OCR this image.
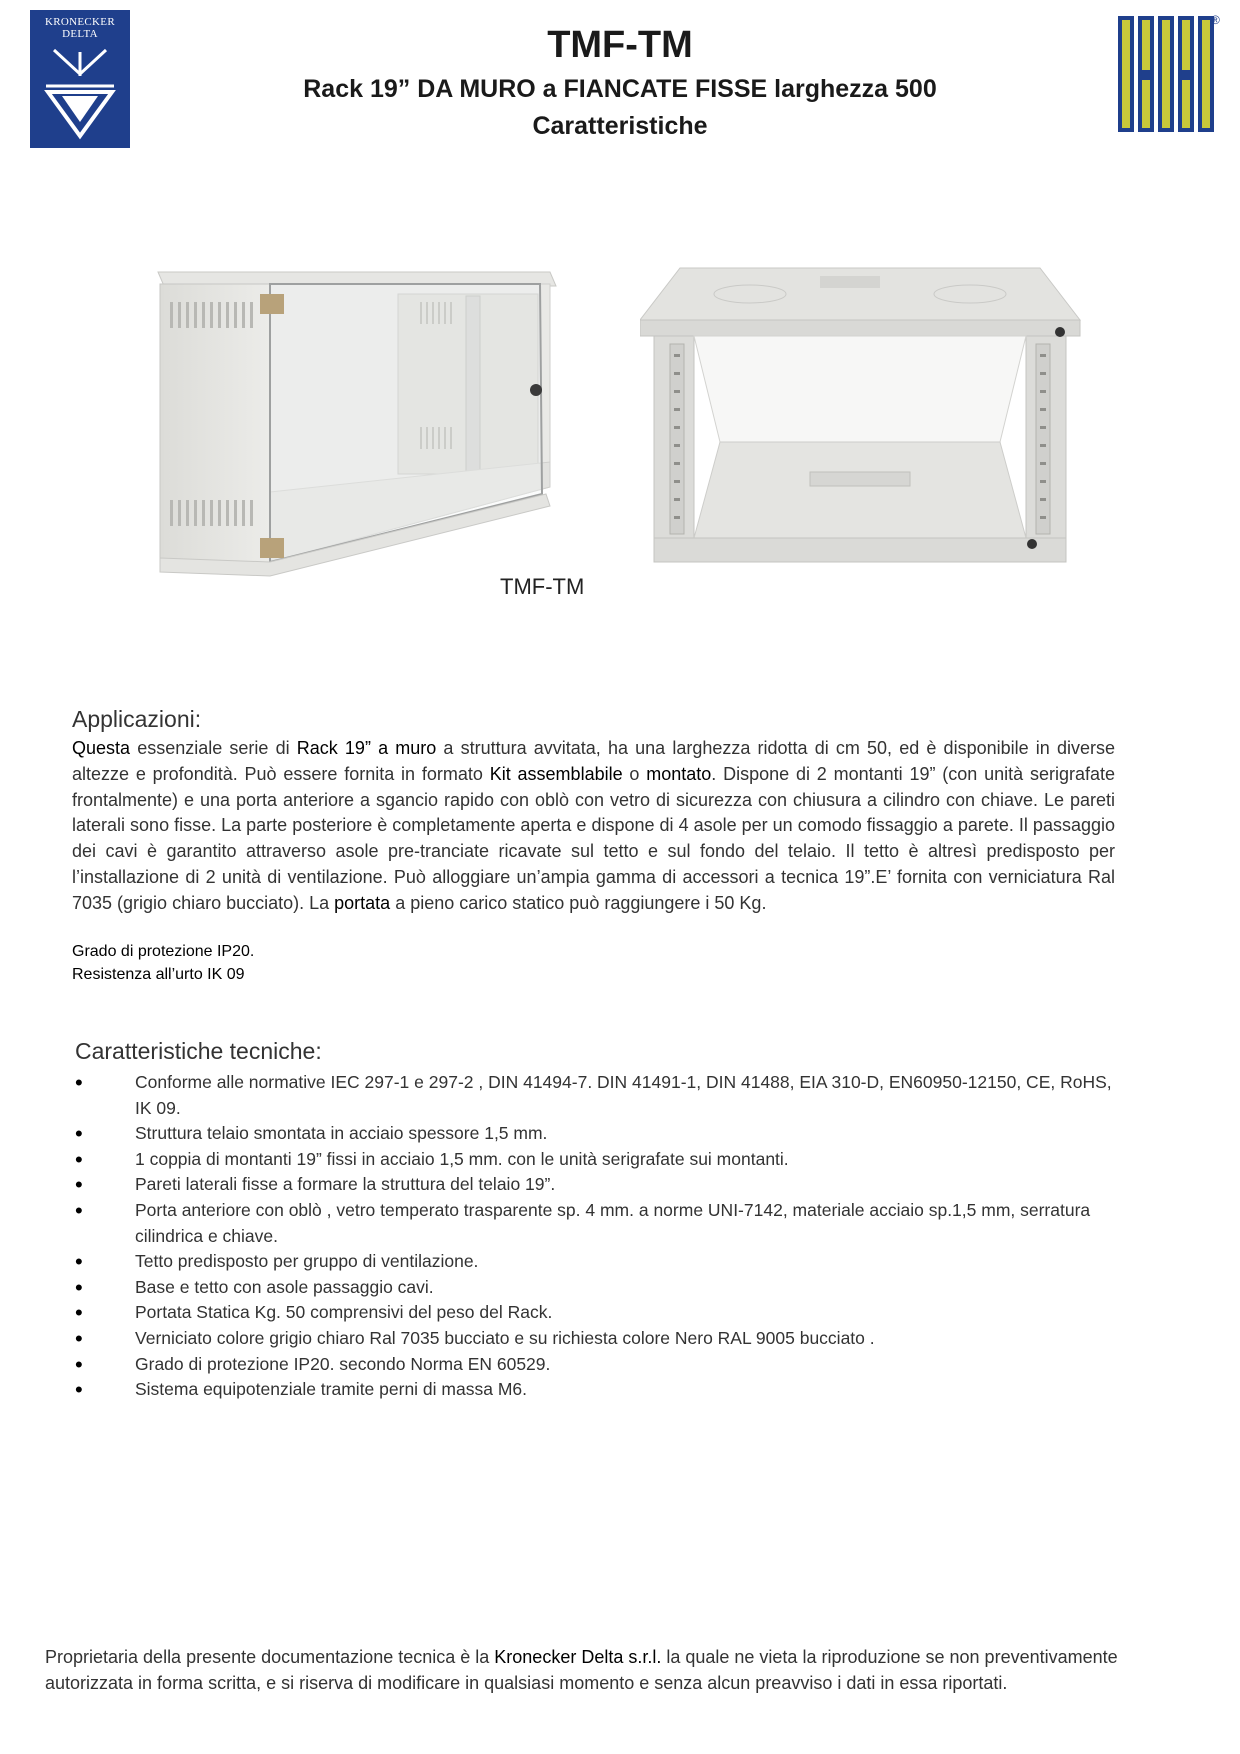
KRONECKER
DELTA
®
TMF-TM
Rack 19” DA MURO a FIANCATE FISSE larghezza 500
Caratteristiche
TMF-TM
Applicazioni:
Questa essenziale serie di Rack 19” a muro a struttura avvitata, ha una larghezza ridotta di cm 50, ed è disponibile in diverse altezze e profondità. Può essere fornita in formato Kit assemblabile o montato. Dispone di 2 montanti 19” (con unità serigrafate frontalmente) e una porta anteriore a sgancio rapido con oblò con vetro di sicurezza con chiusura a cilindro con chiave. Le pareti laterali sono fisse. La parte posteriore è completamente aperta e dispone di 4 asole per un comodo fissaggio a parete. Il passaggio dei cavi è garantito attraverso asole pre-tranciate ricavate sul tetto e sul fondo del telaio. Il tetto è altresì predisposto per l’installazione di 2 unità di ventilazione. Può alloggiare un’ampia gamma di accessori a tecnica 19”.E’ fornita con verniciatura Ral 7035 (grigio chiaro bucciato). La portata a pieno carico statico può raggiungere i 50 Kg.
Grado di protezione IP20.
Resistenza all’urto IK 09
Caratteristiche tecniche:
• Conforme alle normative IEC 297-1 e 297-2 , DIN 41494-7. DIN 41491-1, DIN 41488, EIA 310-D, EN60950-12150, CE, RoHS, IK 09.
• Struttura telaio smontata in acciaio spessore 1,5 mm.
• 1 coppia di montanti 19” fissi in acciaio 1,5 mm. con le unità serigrafate sui montanti.
• Pareti laterali fisse a formare la struttura del telaio 19”.
• Porta anteriore con oblò , vetro temperato trasparente sp. 4 mm. a norme UNI-7142, materiale acciaio sp.1,5 mm, serratura cilindrica e chiave.
• Tetto predisposto per gruppo di ventilazione.
• Base e tetto con asole passaggio cavi.
• Portata Statica Kg. 50 comprensivi del peso del Rack.
• Verniciato colore grigio chiaro Ral 7035 bucciato e su richiesta colore Nero RAL 9005 bucciato .
• Grado di protezione IP20. secondo Norma EN 60529.
• Sistema equipotenziale tramite perni di massa M6.
Proprietaria della presente documentazione tecnica è la Kronecker Delta s.r.l. la quale ne vieta la riproduzione se non preventivamente autorizzata in forma scritta, e si riserva di modificare in qualsiasi momento e senza alcun preavviso i dati in essa riportati.
